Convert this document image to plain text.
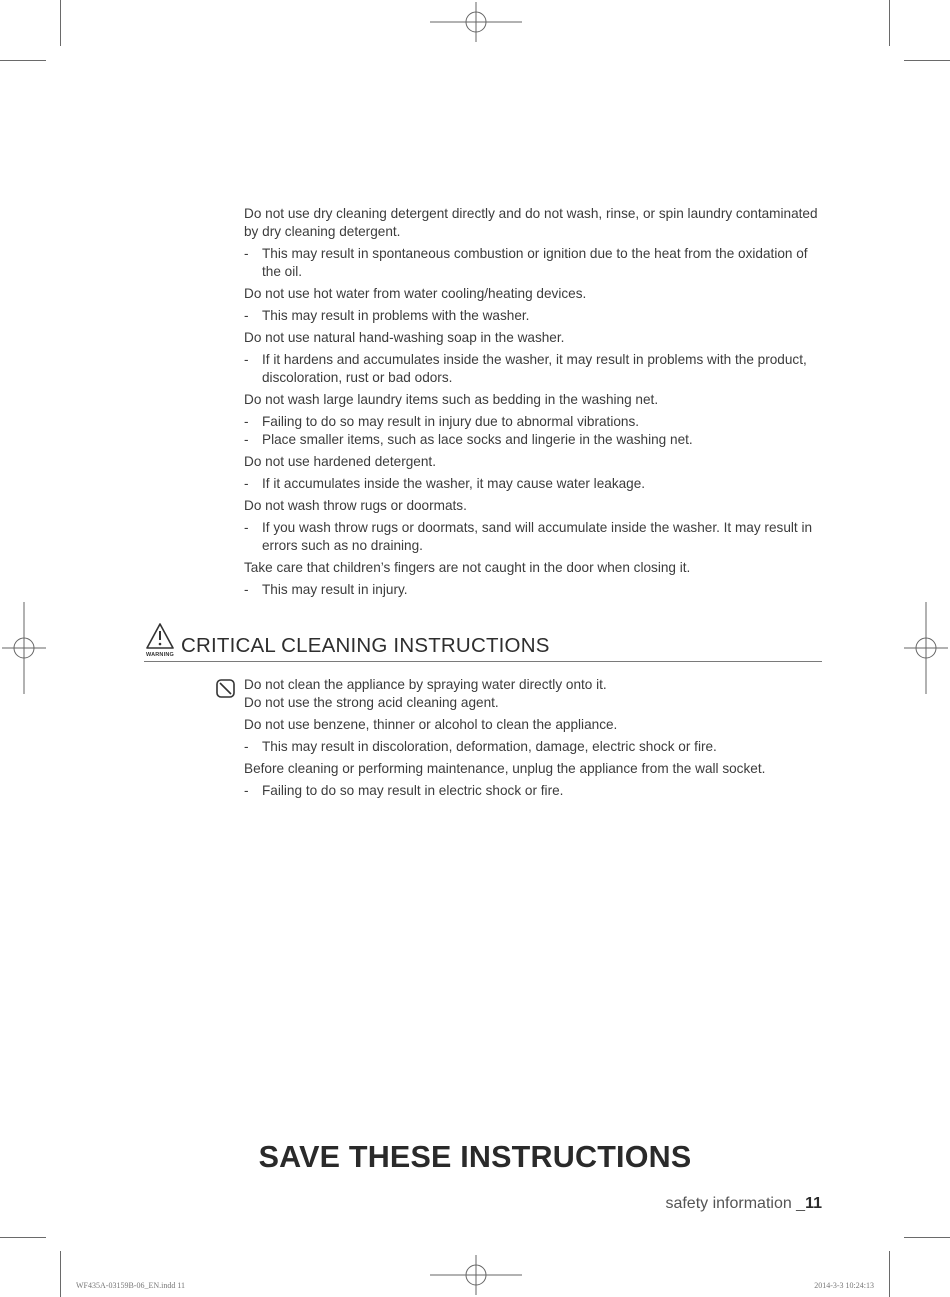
Do not use dry cleaning detergent directly and do not wash, rinse, or spin laundry contaminated by dry cleaning detergent.
- This may result in spontaneous combustion or ignition due to the heat from the oxidation of the oil.
Do not use hot water from water cooling/heating devices.
- This may result in problems with the washer.
Do not use natural hand-washing soap in the washer.
- If it hardens and accumulates inside the washer, it may result in problems with the product, discoloration, rust or bad odors.
Do not wash large laundry items such as bedding in the washing net.
- Failing to do so may result in injury due to abnormal vibrations.
- Place smaller items, such as lace socks and lingerie in the washing net.
Do not use hardened detergent.
- If it accumulates inside the washer, it may cause water leakage.
Do not wash throw rugs or doormats.
- If you wash throw rugs or doormats, sand will accumulate inside the washer. It may result in errors such as no draining.
Take care that children’s fingers are not caught in the door when closing it.
- This may result in injury.
WARNING CRITICAL CLEANING INSTRUCTIONS
Do not clean the appliance by spraying water directly onto it.
Do not use the strong acid cleaning agent.
Do not use benzene, thinner or alcohol to clean the appliance.
- This may result in discoloration, deformation, damage, electric shock or fire.
Before cleaning or performing maintenance, unplug the appliance from the wall socket.
- Failing to do so may result in electric shock or fire.
SAVE THESE INSTRUCTIONS
safety information _11
WF435A-03159B-06_EN.indd 11	2014-3-3 10:24:13
